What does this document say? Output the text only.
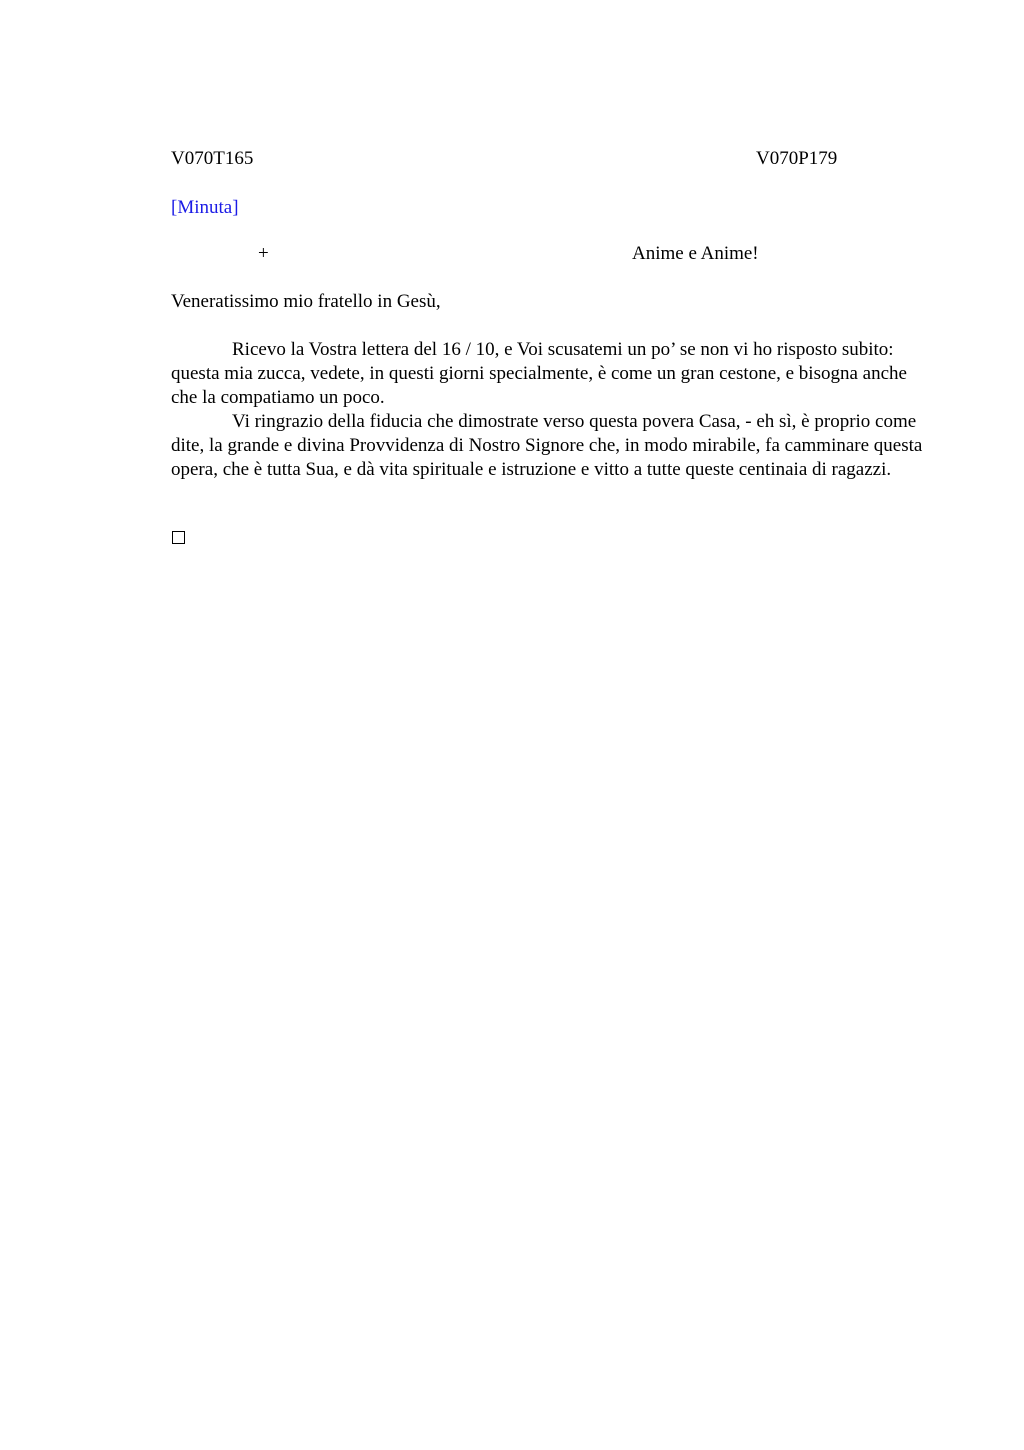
V070T165	V070P179
[Minuta]
+	Anime e Anime!
Veneratissimo mio fratello in Gesù,

Ricevo la Vostra lettera del 16 / 10, e Voi scusatemi un po’ se non vi ho risposto subito: questa mia zucca, vedete, in questi giorni specialmente, è come un gran cestone, e bisogna anche che la compatiamo un poco.

Vi ringrazio della fiducia che dimostrate verso questa povera Casa, - eh sì, è proprio come dite, la grande e divina Provvidenza di Nostro Signore che, in modo mirabile, fa camminare questa opera, che è tutta Sua, e dà vita spirituale e istruzione e vitto a tutte queste centinaia di ragazzi.
